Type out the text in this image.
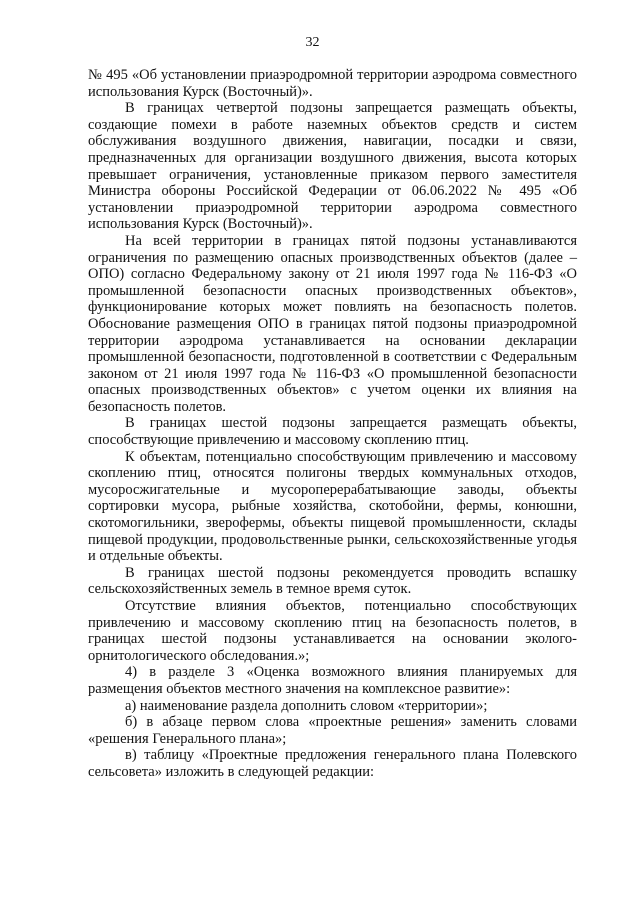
32

№ 495 «Об установлении приаэродромной территории аэродрома совместного использования Курск (Восточный)».

В границах четвертой подзоны запрещается размещать объекты, создающие помехи в работе наземных объектов средств и систем обслуживания воздушного движения, навигации, посадки и связи, предназначенных для организации воздушного движения, высота которых превышает ограничения, установленные приказом первого заместителя Министра обороны Российской Федерации от 06.06.2022 № 495 «Об установлении приаэродромной территории аэродрома совместного использования Курск (Восточный)».

На всей территории в границах пятой подзоны устанавливаются ограничения по размещению опасных производственных объектов (далее – ОПО) согласно Федеральному закону от 21 июля 1997 года № 116-ФЗ «О промышленной безопасности опасных производственных объектов», функционирование которых может повлиять на безопасность полетов. Обоснование размещения ОПО в границах пятой подзоны приаэродромной территории аэродрома устанавливается на основании декларации промышленной безопасности, подготовленной в соответствии с Федеральным законом от 21 июля 1997 года № 116-ФЗ «О промышленной безопасности опасных производственных объектов» с учетом оценки их влияния на безопасность полетов.

В границах шестой подзоны запрещается размещать объекты, способствующие привлечению и массовому скоплению птиц.

К объектам, потенциально способствующим привлечению и массовому скоплению птиц, относятся полигоны твердых коммунальных отходов, мусоросжигательные и мусороперерабатывающие заводы, объекты сортировки мусора, рыбные хозяйства, скотобойни, фермы, конюшни, скотомогильники, зверофермы, объекты пищевой промышленности, склады пищевой продукции, продовольственные рынки, сельскохозяйственные угодья и отдельные объекты.

В границах шестой подзоны рекомендуется проводить вспашку сельскохозяйственных земель в темное время суток.

Отсутствие влияния объектов, потенциально способствующих привлечению и массовому скоплению птиц на безопасность полетов, в границах шестой подзоны устанавливается на основании эколого-орнитологического обследования.»;

4) в разделе 3 «Оценка возможного влияния планируемых для размещения объектов местного значения на комплексное развитие»:

а) наименование раздела дополнить словом «территории»;

б) в абзаце первом слова «проектные решения» заменить словами «решения Генерального плана»;

в) таблицу «Проектные предложения генерального плана Полевского сельсовета» изложить в следующей редакции:
